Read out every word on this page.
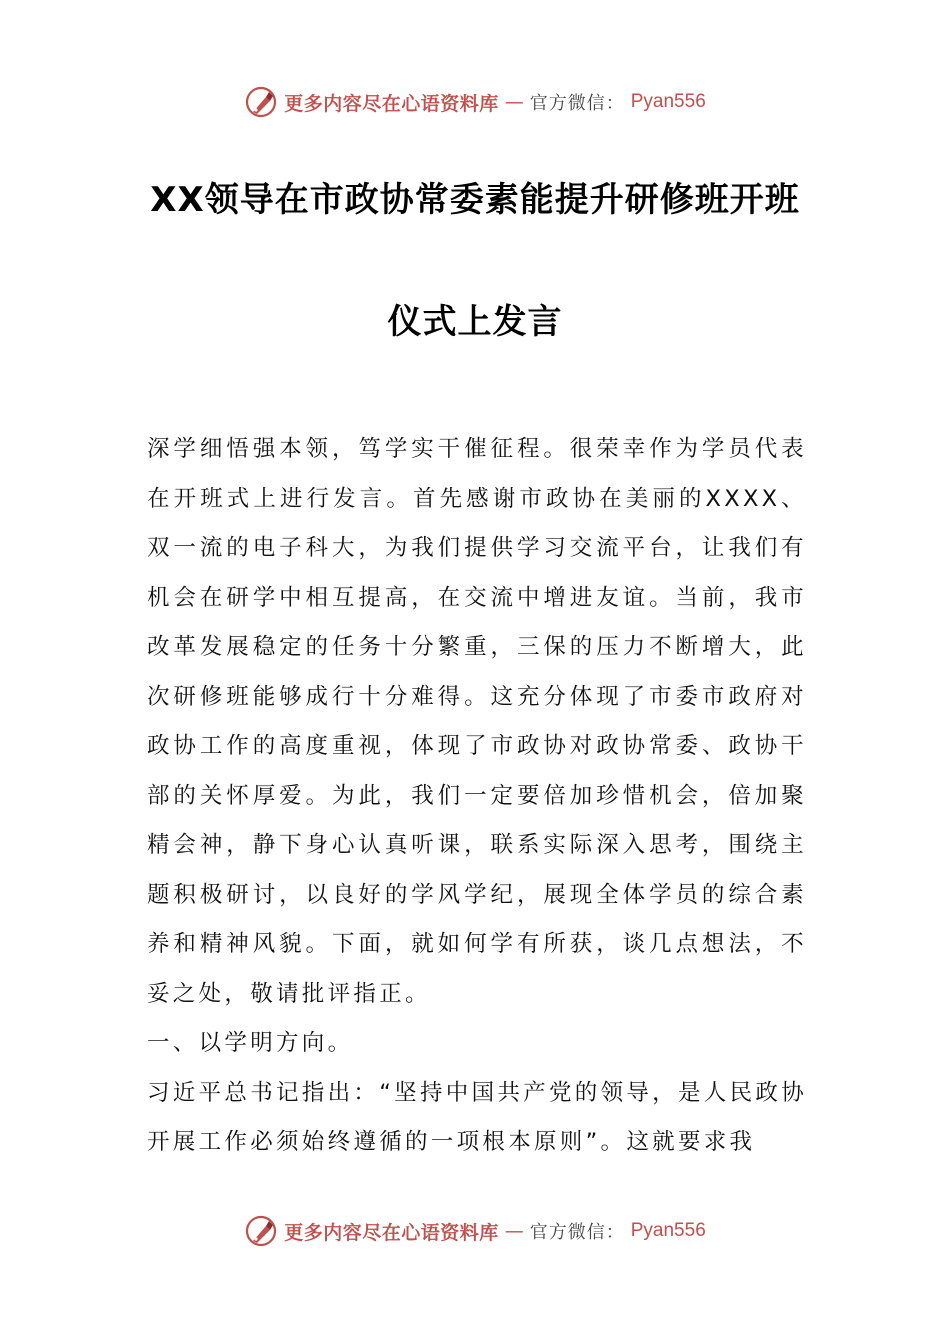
更多内容尽在心语资料库 — 官方微信： Pyan556
XX领导在市政协常委素能提升研修班开班
仪式上发言

深学细悟强本领，笃学实干催征程。很荣幸作为学员代表在开班式上进行发言。首先感谢市政协在美丽的XXXX、双一流的电子科大，为我们提供学习交流平台，让我们有机会在研学中相互提高，在交流中增进友谊。当前，我市改革发展稳定的任务十分繁重，三保的压力不断增大，此次研修班能够成行十分难得。这充分体现了市委市政府对政协工作的高度重视，体现了市政协对政协常委、政协干部的关怀厚爱。为此，我们一定要倍加珍惜机会，倍加聚精会神，静下身心认真听课，联系实际深入思考，围绕主题积极研讨，以良好的学风学纪，展现全体学员的综合素养和精神风貌。下面，就如何学有所获，谈几点想法，不妥之处，敬请批评指正。

一、以学明方向。

习近平总书记指出：“坚持中国共产党的领导，是人民政协开展工作必须始终遵循的一项根本原则”。这就要求我

更多内容尽在心语资料库 — 官方微信： Pyan556
